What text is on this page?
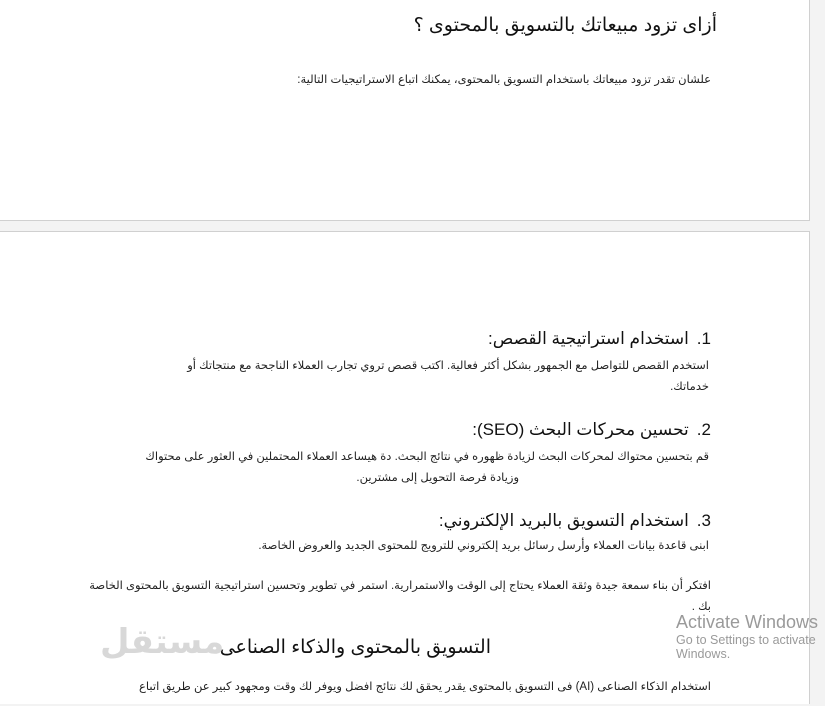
أزاى تزود مبيعاتك بالتسويق بالمحتوى ؟
علشان تقدر تزود مبيعاتك باستخدام التسويق بالمحتوى، يمكنك اتباع الاستراتيجيات التالية:
1.استخدام استراتيجية القصص:
استخدم القصص للتواصل مع الجمهور بشكل أكثر فعالية. اكتب قصص تروي تجارب العملاء الناجحة مع منتجاتك أو
خدماتك.
2.تحسين محركات البحث (SEO):
قم بتحسين محتواك لمحركات البحث لزيادة ظهوره في نتائج البحث. دة هيساعد العملاء المحتملين في العثور على محتواك
وزيادة فرصة التحويل إلى مشترين.
3.استخدام التسويق بالبريد الإلكتروني:
ابنى قاعدة بيانات العملاء وأرسل رسائل بريد إلكتروني للترويج للمحتوى الجديد والعروض الخاصة.
افتكر أن بناء سمعة جيدة وثقة العملاء يحتاج إلى الوقت والاستمرارية. استمر في تطوير وتحسين استراتيجية التسويق بالمحتوى الخاصة
بك .
التسويق بالمحتوى والذكاء الصناعى
استخدام الذكاء الصناعى (AI) فى التسويق بالمحتوى يقدر يحقق لك نتائج افضل ويوفر لك وقت ومجهود كبير عن طريق اتباع
مستقل
Activate Windows
Go to Settings to activate Windows.
